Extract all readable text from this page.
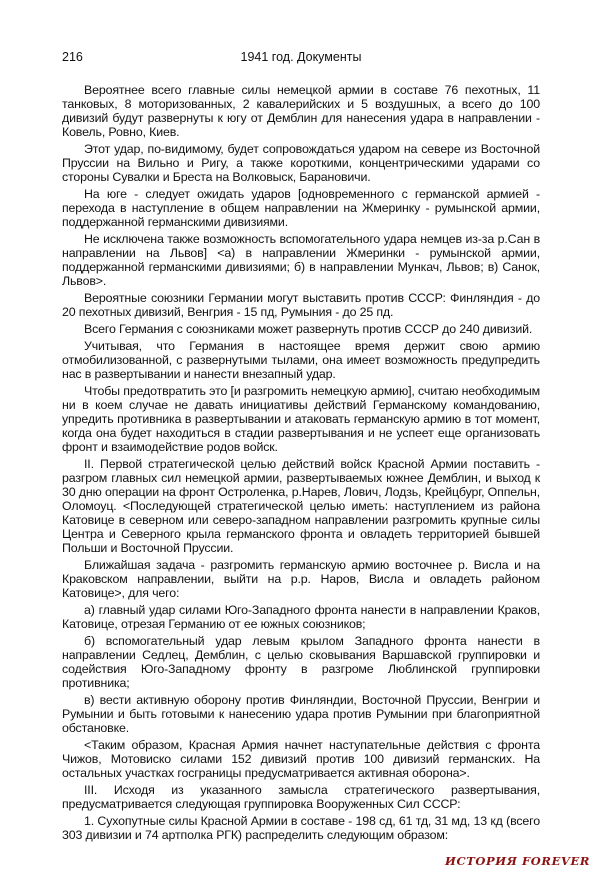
216	1941 год. Документы

Вероятнее всего главные силы немецкой армии в составе 76 пехотных, 11 танковых, 8 моторизованных, 2 кавалерийских и 5 воздушных, а всего до 100 дивизий будут развернуты к югу от Демблин для нанесения удара в направлении - Ковель, Ровно, Киев.

Этот удар, по-видимому, будет сопровождаться ударом на севере из Восточной Пруссии на Вильно и Ригу, а также короткими, концентрическими ударами со стороны Сувалки и Бреста на Волковыск, Барановичи.

На юге - следует ожидать ударов [одновременного с германской армией - перехода в наступление в общем направлении на Жмеринку - румынской армии, поддержанной германскими дивизиями.

Не исключена также возможность вспомогательного удара немцев из-за р.Сан в направлении на Львов] <а) в направлении Жмеринки - румынской армии, поддержанной германскими дивизиями; б) в направлении Мункач, Львов; в) Санок, Львов>.

Вероятные союзники Германии могут выставить против СССР: Финляндия - до 20 пехотных дивизий, Венгрия - 15 пд, Румыния - до 25 пд.

Всего Германия с союзниками может развернуть против СССР до 240 дивизий.

Учитывая, что Германия в настоящее время держит свою армию отмобилизованной, с развернутыми тылами, она имеет возможность предупредить нас в развертывании и нанести внезапный удар.

Чтобы предотвратить это [и разгромить немецкую армию], считаю необходимым ни в коем случае не давать инициативы действий Германскому командованию, упредить противника в развертывании и атаковать германскую армию в тот момент, когда она будет находиться в стадии развертывания и не успеет еще организовать фронт и взаимодействие родов войск.

II. Первой стратегической целью действий войск Красной Армии поставить - разгром главных сил немецкой армии, развертываемых южнее Демблин, и выход к 30 дню операции на фронт Остроленка, р.Нарев, Лович, Лодзь, Крейцбург, Оппельн, Оломоуц. <Последующей стратегической целью иметь: наступлением из района Катовице в северном или северо-западном направлении разгромить крупные силы Центра и Северного крыла германского фронта и овладеть территорией бывшей Польши и Восточной Пруссии.

Ближайшая задача - разгромить германскую армию восточнее р. Висла и на Краковском направлении, выйти на р.р. Наров, Висла и овладеть районом Катовице>, для чего:

а) главный удар силами Юго-Западного фронта нанести в направлении Краков, Катовице, отрезая Германию от ее южных союзников;

б) вспомогательный удар левым крылом Западного фронта нанести в направлении Седлец, Демблин, с целью сковывания Варшавской группировки и содействия Юго-Западному фронту в разгроме Люблинской группировки противника;

в) вести активную оборону против Финляндии, Восточной Пруссии, Венгрии и Румынии и быть готовыми к нанесению удара против Румынии при благоприятной обстановке.

<Таким образом, Красная Армия начнет наступательные действия с фронта Чижов, Мотовиско силами 152 дивизий против 100 дивизий германских. На остальных участках госграницы предусматривается активная оборона>.

III. Исходя из указанного замысла стратегического развертывания, предусматривается следующая группировка Вооруженных Сил СССР:

1. Сухопутные силы Красной Армии в составе - 198 сд, 61 тд, 31 мд, 13 кд (всего 303 дивизии и 74 артполка РГК) распределить следующим образом:

ИСТОРИЯ FOREVER
